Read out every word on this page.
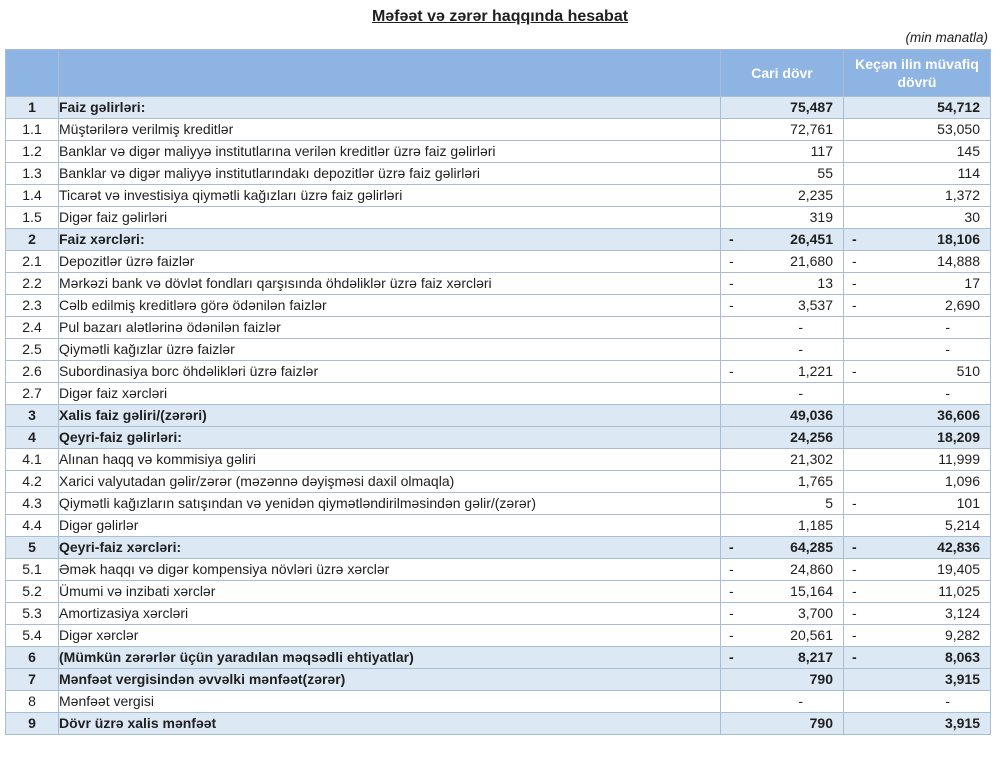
Məfəət və zərər haqqında hesabat
(min manatla)
		Cari dövr	Keçən ilin müvafiq dövrü
1	Faiz gəlirləri:	75,487	54,712

1.1	Müştərilərə verilmiş kreditlər	72,761	53,050

1.2	Banklar və digər maliyyə institutlarına verilən kreditlər üzrə faiz gəlirləri	117	145

1.3	Banklar və digər maliyyə institutlarındakı depozitlər üzrə faiz gəlirləri	55	114

1.4	Ticarət və investisiya qiymətli kağızları üzrə faiz gəlirləri	2,235	1,372

1.5	Digər faiz gəlirləri	319	30

2	Faiz xərcləri:	- 26,451	- 18,106

2.1	Depozitlər üzrə faizlər	- 21,680	- 14,888

2.2	Mərkəzi bank və dövlət fondları qarşısında öhdəliklər üzrə faiz xərcləri	- 13	- 17

2.3	Cəlb edilmiş kreditlərə görə ödənilən faizlər	- 3,537	- 2,690

2.4	Pul bazarı alətlərinə ödənilən faizlər	-	-
2.5	Qiymətli kağızlar üzrə faizlər	-	-
2.6	Subordinasiya borc öhdəlikləri üzrə faizlər	- 1,221	- 510

2.7	Digər faiz xərcləri	-	-
3	Xalis faiz gəliri/(zərəri)	49,036	36,606

4	Qeyri-faiz gəlirləri:	24,256	18,209

4.1	Alınan haqq və kommisiya gəliri	21,302	11,999

4.2	Xarici valyutadan gəlir/zərər (məzənnə dəyişməsi daxil olmaqla)	1,765	1,096

4.3	Qiymətli kağızların satışından və yenidən qiymətləndirilməsindən gəlir/(zərər)	5	- 101

4.4	Digər gəlirlər	1,185	5,214

5	Qeyri-faiz xərcləri:	- 64,285	- 42,836

5.1	Əmək haqqı və digər kompensiya növləri üzrə xərclər	- 24,860	- 19,405

5.2	Ümumi və inzibati xərclər	- 15,164	- 11,025

5.3	Amortizasiya xərcləri	- 3,700	- 3,124

5.4	Digər xərclər	- 20,561	- 9,282

6	(Mümkün zərərlər üçün yaradılan məqsədli ehtiyatlar)	- 8,217	- 8,063

7	Mənfəət vergisindən əvvəlki mənfəət(zərər)	790	3,915

8	Mənfəət vergisi	-	-
9	Dövr üzrə xalis mənfəət	790	3,915
